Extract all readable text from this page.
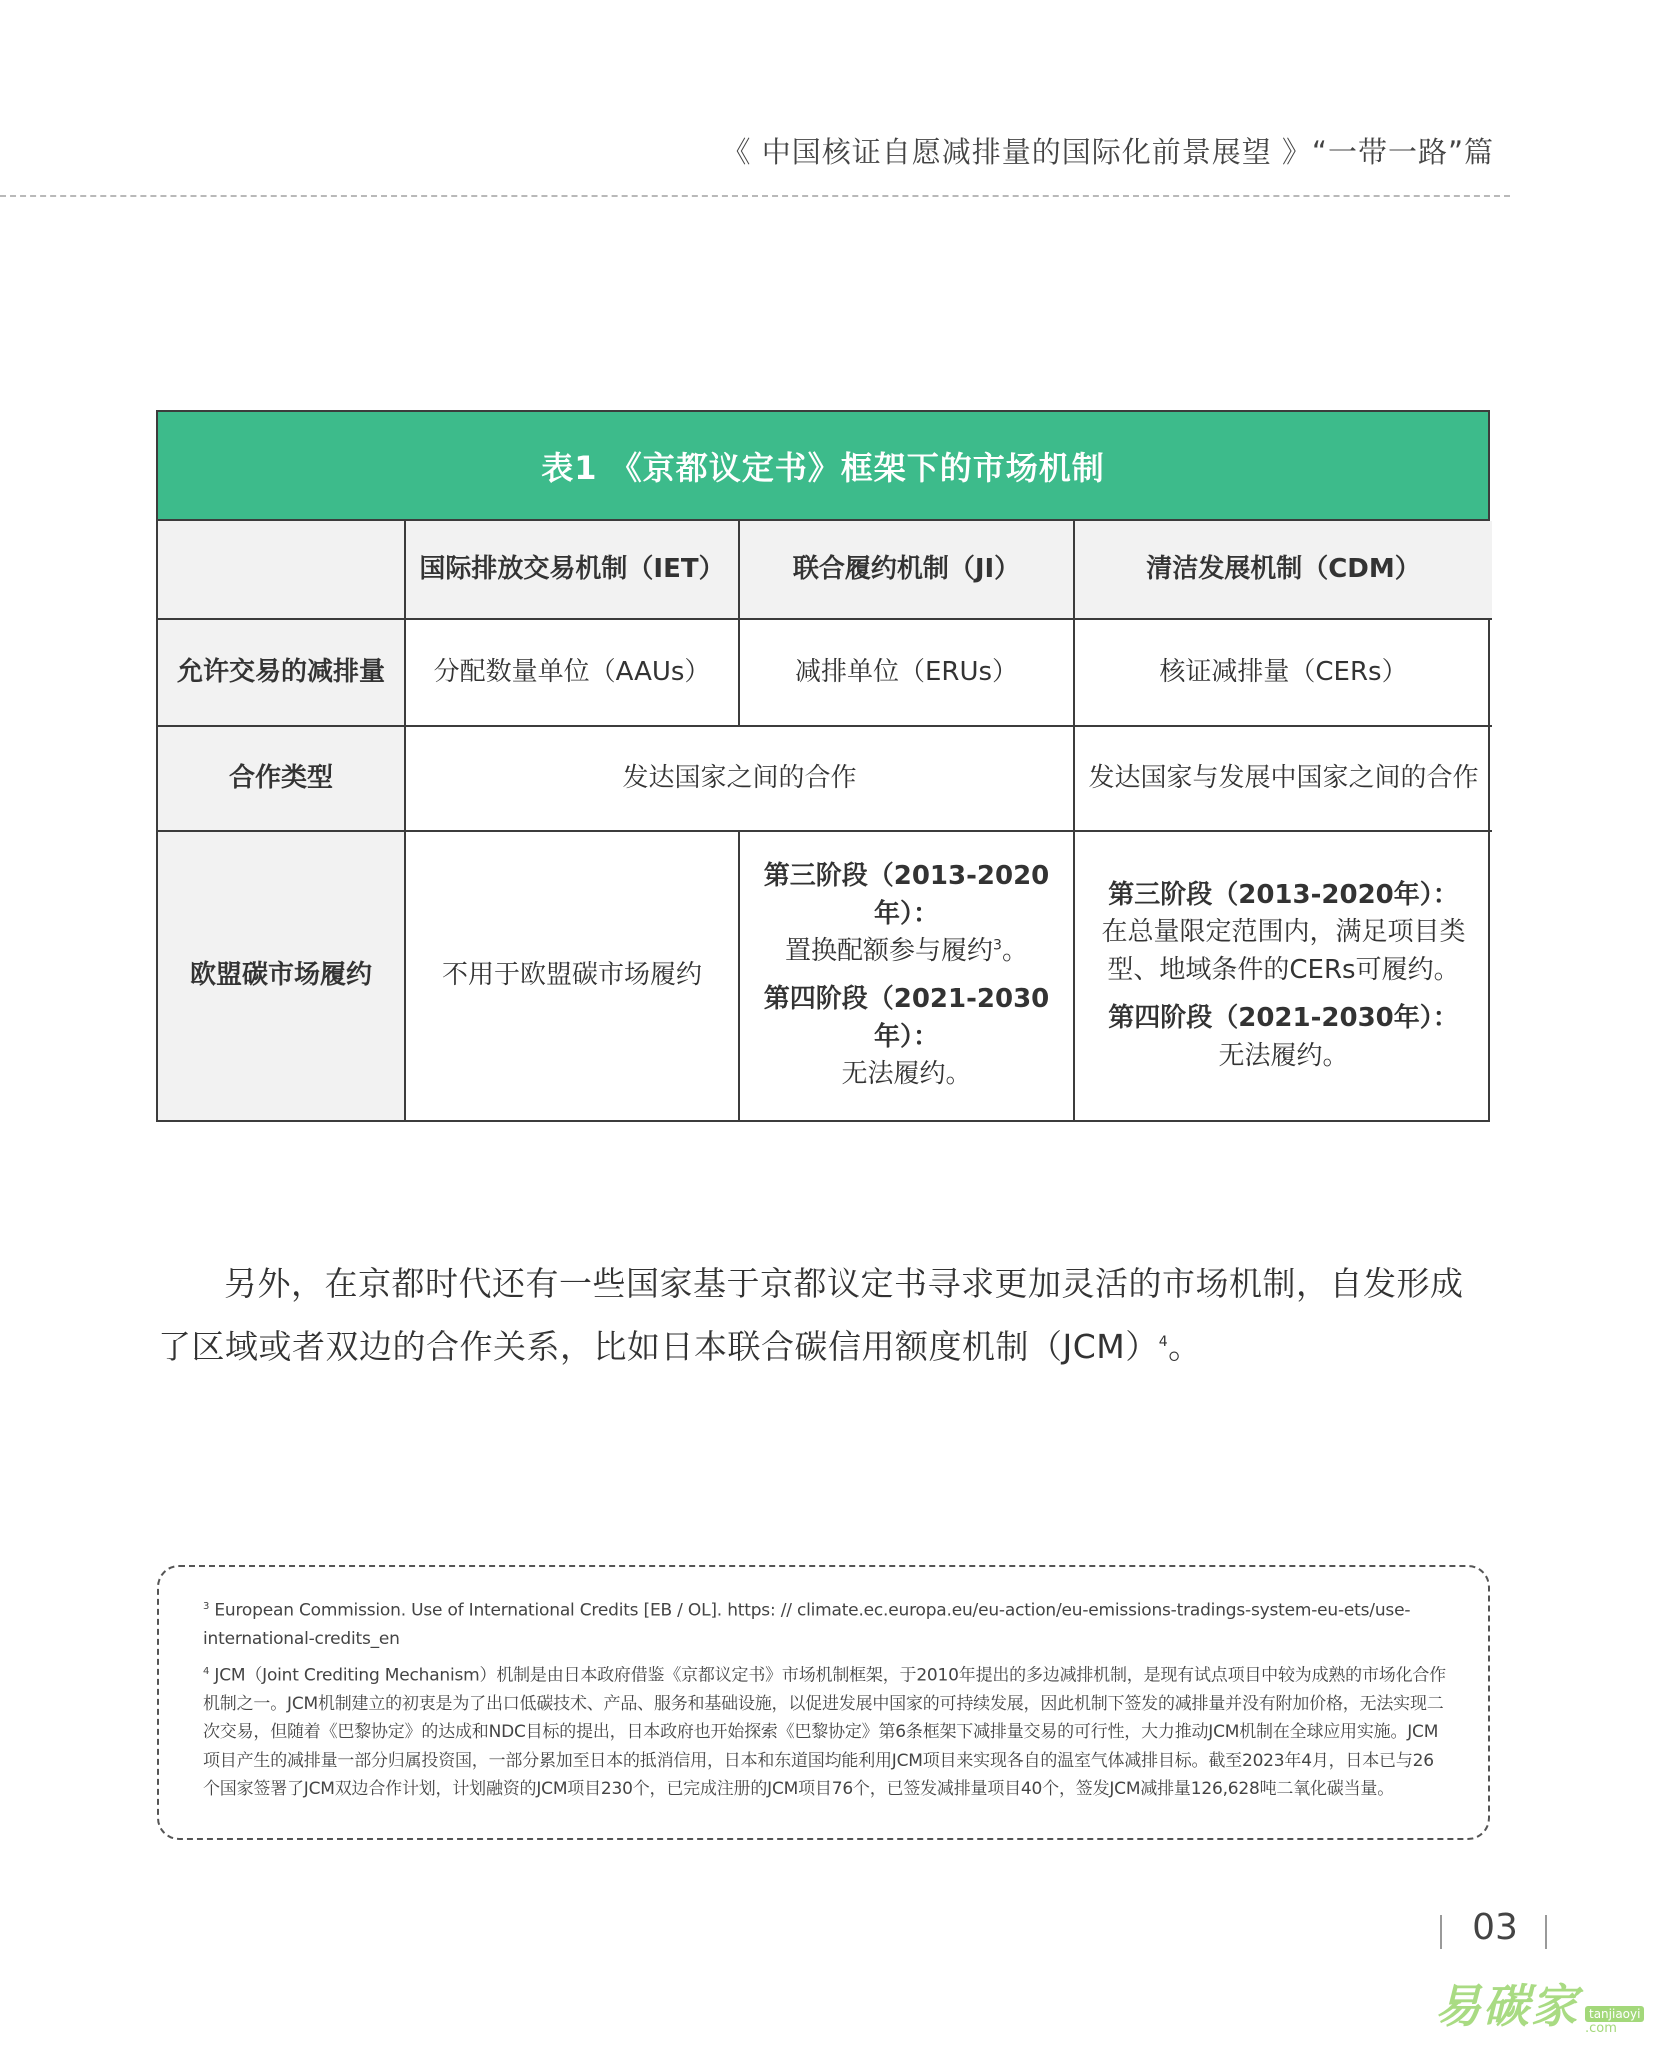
《 中国核证自愿减排量的国际化前景展望 》“一带一路”篇
表1 《京都议定书》框架下的市场机制
	国际排放交易机制（IET）	联合履约机制（JI）	清洁发展机制（CDM）
允许交易的减排量	分配数量单位（AAUs）	减排单位（ERUs）	核证减排量（CERs）
合作类型	发达国家之间的合作		发达国家与发展中国家之间的合作
欧盟碳市场履约	不用于欧盟碳市场履约	第三阶段（2013-2020年）：
置换配额参与履约$^3$。
第四阶段（2021-2030年）：
无法履约。	第三阶段（2013-2020年）：
在总量限定范围内，满足项目类型、地域条件的CERs可履约。
第四阶段（2021-2030年）：
无法履约。

另外，在京都时代还有一些国家基于京都议定书寻求更加灵活的市场机制，自发形成了区域或者双边的合作关系，比如日本联合碳信用额度机制（JCM）$^4$。

$^3$ European Commission. Use of International Credits [EB / OL]. https: // climate.ec.europa.eu/eu-action/eu-emissions-tradings-system-eu-ets/use-international-credits_en

$^4$ JCM（Joint Crediting Mechanism）机制是由日本政府借鉴《京都议定书》市场机制框架，于2010年提出的多边减排机制，是现有试点项目中较为成熟的市场化合作机制之一。JCM机制建立的初衷是为了出口低碳技术、产品、服务和基础设施，以促进发展中国家的可持续发展，因此机制下签发的减排量并没有附加价格，无法实现二次交易，但随着《巴黎协定》的达成和NDC目标的提出，日本政府也开始探索《巴黎协定》第6条框架下减排量交易的可行性，大力推动JCM机制在全球应用实施。JCM项目产生的减排量一部分归属投资国，一部分累加至日本的抵消信用，日本和东道国均能利用JCM项目来实现各自的温室气体减排目标。截至2023年4月，日本已与26个国家签署了JCM双边合作计划，计划融资的JCM项目230个，已完成注册的JCM项目76个，已签发减排量项目40个，签发JCM减排量126,628吨二氧化碳当量。

03
易碳家 tanjiaoyi
.com
